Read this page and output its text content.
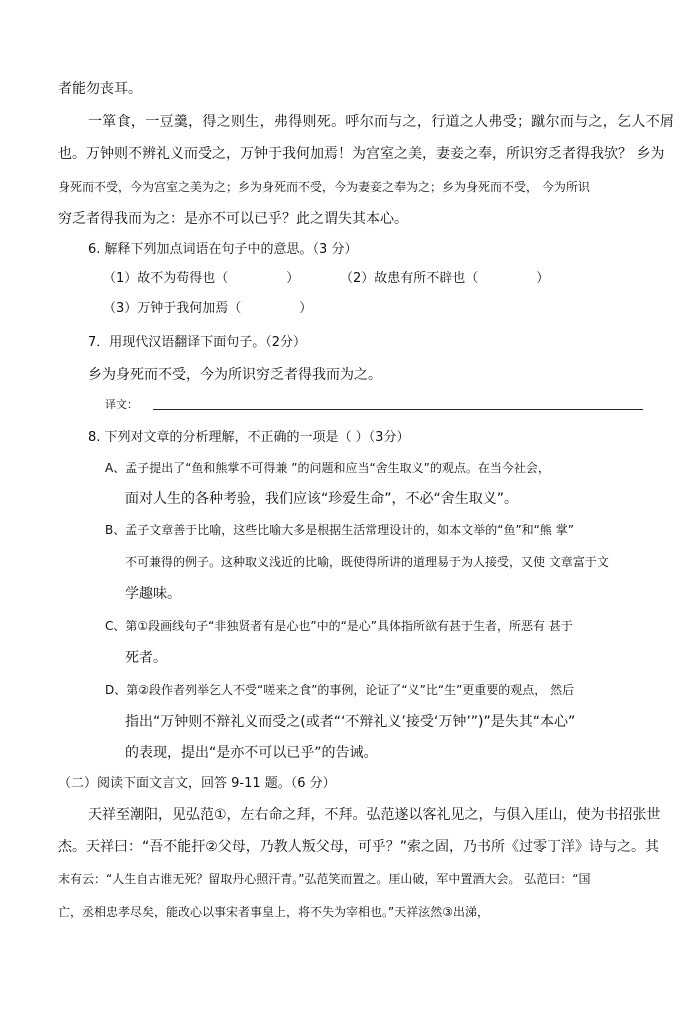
者能勿丧耳。
一箪食，一豆羹，得之则生，弗得则死。呼尔而与之，行道之人弗受；蹴尔而与之，乞人不屑
也。万钟则不辨礼义而受之，万钟于我何加焉！为宫室之美，妻妾之奉，所识穷乏者得我欤？ 乡为
身死而不受，今为宫室之美为之；乡为身死而不受，今为妻妾之奉为之；乡为身死而不受， 今为所识
穷乏者得我而为之：是亦不可以已乎？此之谓失其本心。
6. 解释下列加点词语在句子中的意思。（3 分）
（1）故不为苟得也（	）	（2）故患有所不辟也（	）
（3）万钟于我何加焉（	）
7．用现代汉语翻译下面句子。（2分）
乡为身死而不受，今为所识穷乏者得我而为之。
译文：
8. 下列对文章的分析理解，不正确的一项是（ ）（3分）
A、孟子提出了“鱼和熊掌不可得兼 ”的问题和应当“舍生取义”的观点。在当今社会，
面对人生的各种考验，我们应该“珍爱生命”，不必“舍生取义”。
B、孟子文章善于比喻，这些比喻大多是根据生活常理设计的，如本文举的“鱼”和“熊 掌”
不可兼得的例子。这种取义浅近的比喻，既使得所讲的道理易于为人接受，又使 文章富于文
学趣味。
C、第①段画线句子“非独贤者有是心也”中的“是心”具体指所欲有甚于生者，所恶有 甚于
死者。
D、第②段作者列举乞人不受“嗟来之食”的事例，论证了“义”比“生”更重要的观点， 然后
指出“万钟则不辩礼义而受之(或者“‘不辩礼义’接受‘万钟’”)”是失其“本心”
的表现，提出“是亦不可以已乎”的告诫。
（二）阅读下面文言文，回答 9-11 题。（6 分）
天祥至潮阳，见弘范①，左右命之拜，不拜。弘范遂以客礼见之，与俱入厓山，使为书招张世
杰。天祥曰：“吾不能扞②父母，乃教人叛父母，可乎？”索之固，乃书所《过零丁洋》诗与之。其
末有云：“人生自古谁无死？留取丹心照汗青。”弘范笑而置之。厓山破，军中置酒大会。 弘范曰：“国
亡，丞相忠孝尽矣，能改心以事宋者事皇上，将不失为宰相也。”天祥泫然③出涕，
